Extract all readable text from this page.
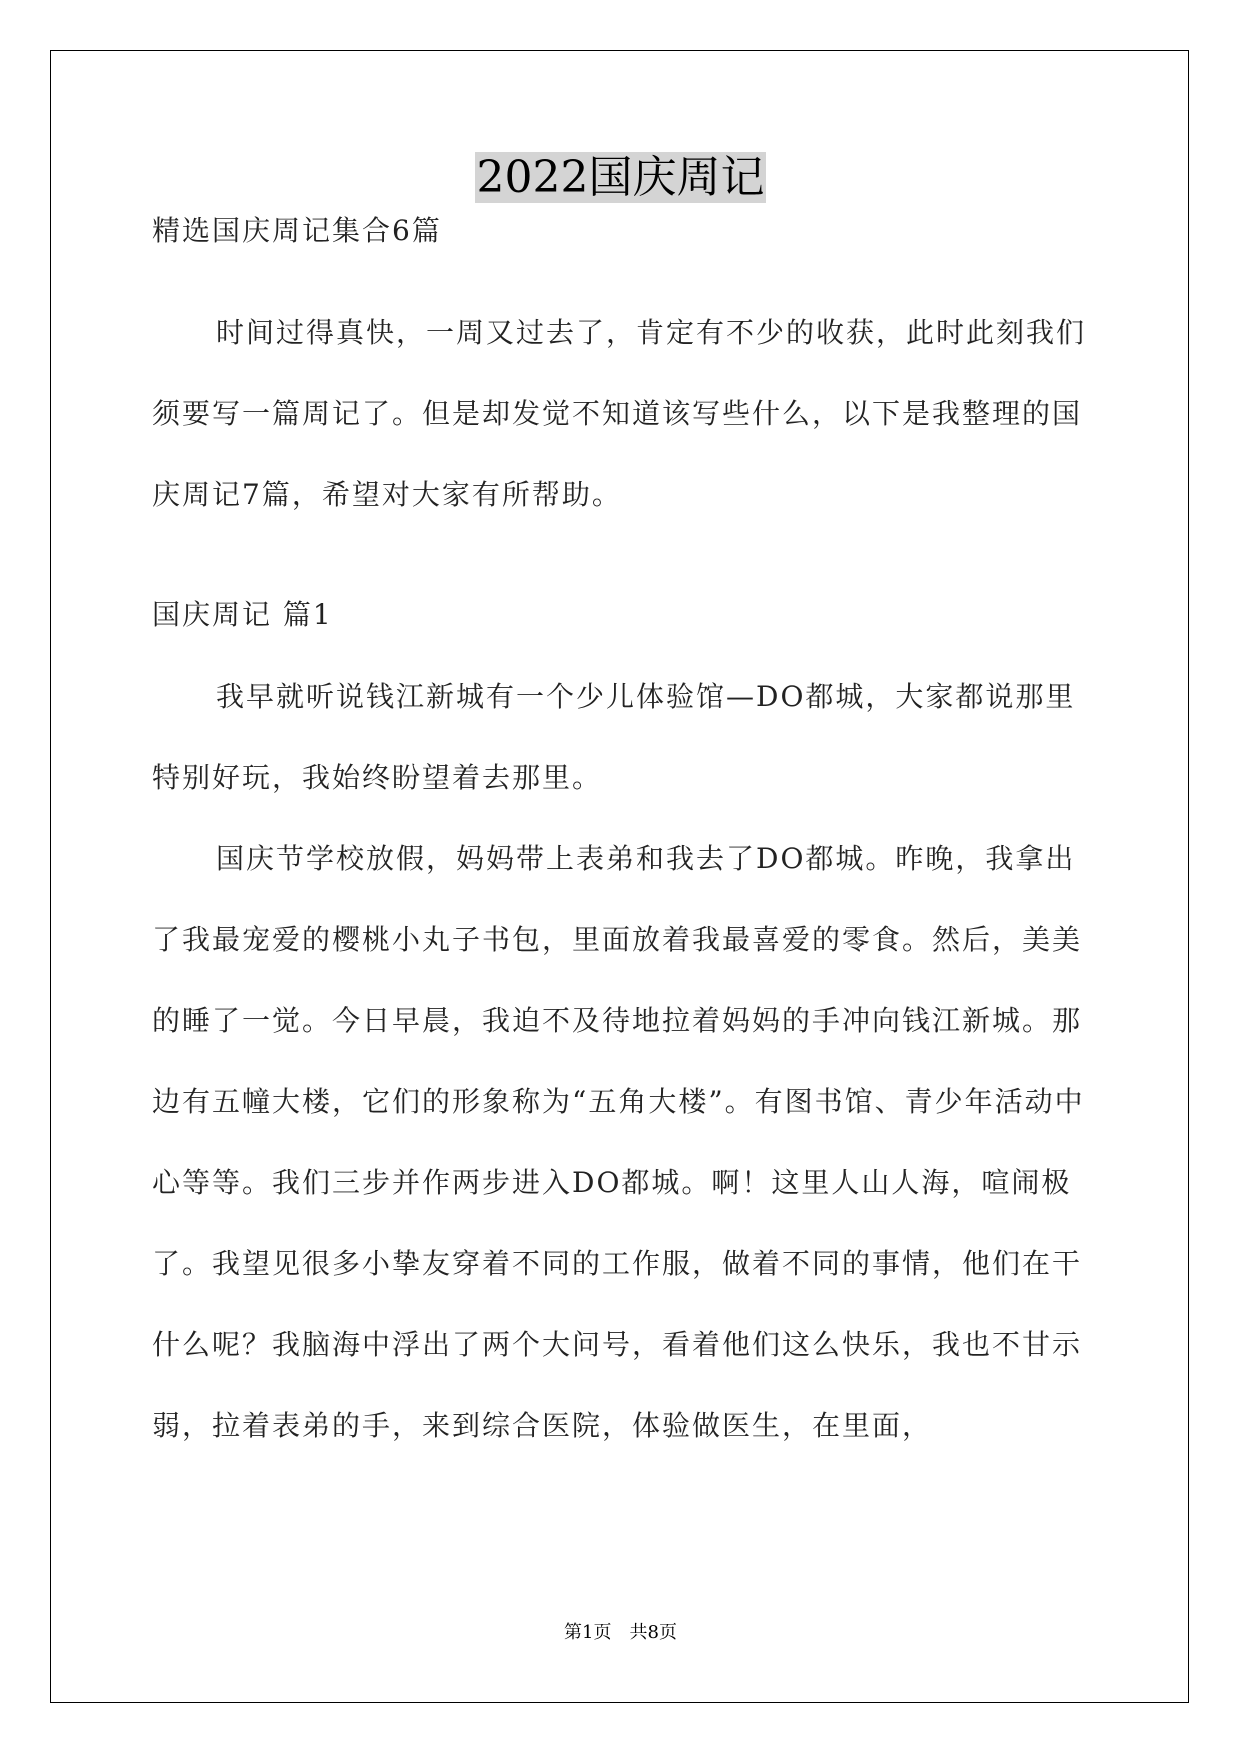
2022国庆周记

精选国庆周记集合6篇

时间过得真快，一周又过去了，肯定有不少的收获，此时此刻我们须要写一篇周记了。但是却发觉不知道该写些什么，以下是我整理的国庆周记7篇，希望对大家有所帮助。

国庆周记 篇1

我早就听说钱江新城有一个少儿体验馆—DO都城，大家都说那里特别好玩，我始终盼望着去那里。

国庆节学校放假，妈妈带上表弟和我去了DO都城。昨晚，我拿出了我最宠爱的樱桃小丸子书包，里面放着我最喜爱的零食。然后，美美的睡了一觉。今日早晨，我迫不及待地拉着妈妈的手冲向钱江新城。那边有五幢大楼，它们的形象称为“五角大楼”。有图书馆、青少年活动中心等等。我们三步并作两步进入DO都城。啊！这里人山人海，喧闹极了。我望见很多小挚友穿着不同的工作服，做着不同的事情，他们在干什么呢？我脑海中浮出了两个大问号，看着他们这么快乐，我也不甘示弱，拉着表弟的手，来到综合医院，体验做医生，在里面，

第1页　共8页
